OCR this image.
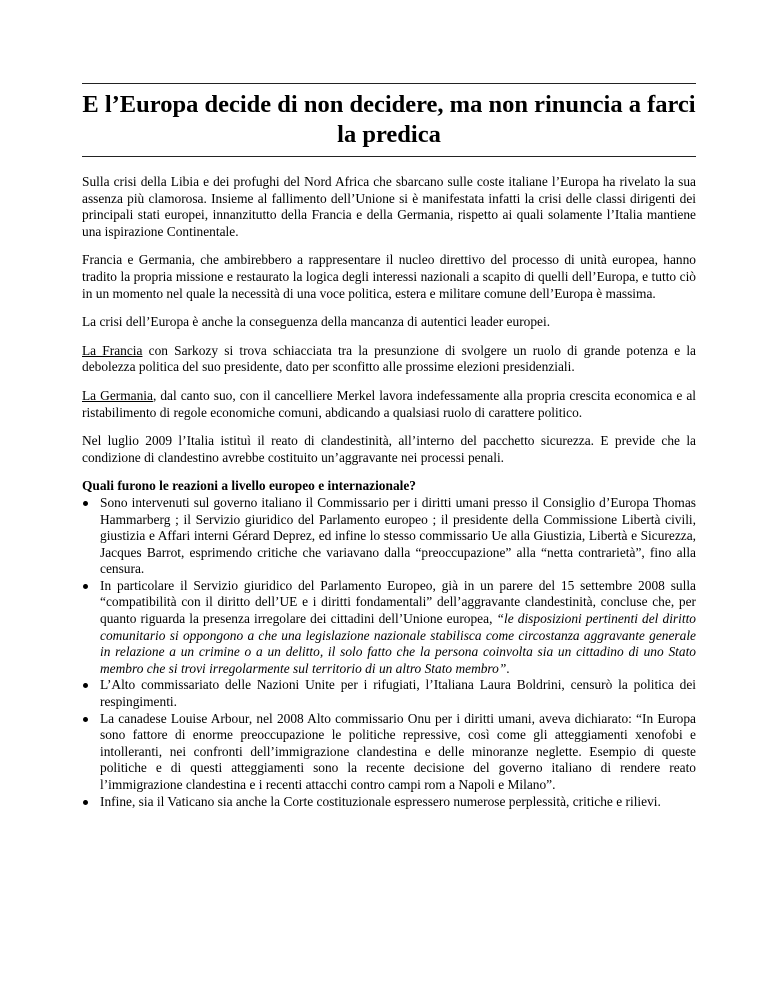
E l’Europa decide di non decidere, ma non rinuncia a farci la predica

Sulla crisi della Libia e dei profughi del Nord Africa che sbarcano sulle coste italiane l’Europa ha rivelato la sua assenza più clamorosa. Insieme al fallimento dell’Unione si è manifestata infatti la crisi delle classi dirigenti dei principali stati europei, innanzitutto della Francia e della Germania, rispetto ai quali solamente l’Italia mantiene una ispirazione Continentale.

Francia e Germania, che ambirebbero a rappresentare il nucleo direttivo del processo di unità europea, hanno tradito la propria missione e restaurato la logica degli interessi nazionali a scapito di quelli dell’Europa, e tutto ciò in un momento nel quale la necessità di una voce politica, estera e militare comune dell’Europa è massima.

La crisi dell’Europa è anche la conseguenza della mancanza di autentici leader europei.

La Francia con Sarkozy si trova schiacciata tra la presunzione di svolgere un ruolo di grande potenza e la debolezza politica del suo presidente, dato per sconfitto alle prossime elezioni presidenziali.

La Germania, dal canto suo, con il cancelliere Merkel lavora indefessamente alla propria crescita economica e al ristabilimento di regole economiche comuni, abdicando a qualsiasi ruolo di carattere politico.

Nel luglio 2009 l’Italia istituì il reato di clandestinità, all’interno del pacchetto sicurezza. E previde che la condizione di clandestino avrebbe costituito un’aggravante nei processi penali.

Quali furono le reazioni a livello europeo e internazionale?
Sono intervenuti sul governo italiano il Commissario per i diritti umani presso il Consiglio d’Europa Thomas Hammarberg ; il Servizio giuridico del Parlamento europeo ; il presidente della Commissione Libertà civili, giustizia e Affari interni Gérard Deprez, ed infine lo stesso commissario Ue alla Giustizia, Libertà e Sicurezza, Jacques Barrot, esprimendo critiche che variavano dalla “preoccupazione” alla “netta contrarietà”, fino alla censura.
In particolare il Servizio giuridico del Parlamento Europeo, già in un parere del 15 settembre 2008 sulla “compatibilità con il diritto dell’UE e i diritti fondamentali” dell’aggravante clandestinità, concluse che, per quanto riguarda la presenza irregolare dei cittadini dell’Unione europea, “le disposizioni pertinenti del diritto comunitario si oppongono a che una legislazione nazionale stabilisca come circostanza aggravante generale in relazione a un crimine o a un delitto, il solo fatto che la persona coinvolta sia un cittadino di uno Stato membro che si trovi irregolarmente sul territorio di un altro Stato membro”.
L’Alto commissariato delle Nazioni Unite per i rifugiati, l’Italiana Laura Boldrini, censurò la politica dei respingimenti.
La canadese Louise Arbour, nel 2008 Alto commissario Onu per i diritti umani, aveva dichiarato: “In Europa sono fattore di enorme preoccupazione le politiche repressive, così come gli atteggiamenti xenofobi e intolleranti, nei confronti dell’immigrazione clandestina e delle minoranze neglette. Esempio di queste politiche e di questi atteggiamenti sono la recente decisione del governo italiano di rendere reato l’immigrazione clandestina e i recenti attacchi contro campi rom a Napoli e Milano”.
Infine, sia il Vaticano sia anche la Corte costituzionale espressero numerose perplessità, critiche e rilievi.
